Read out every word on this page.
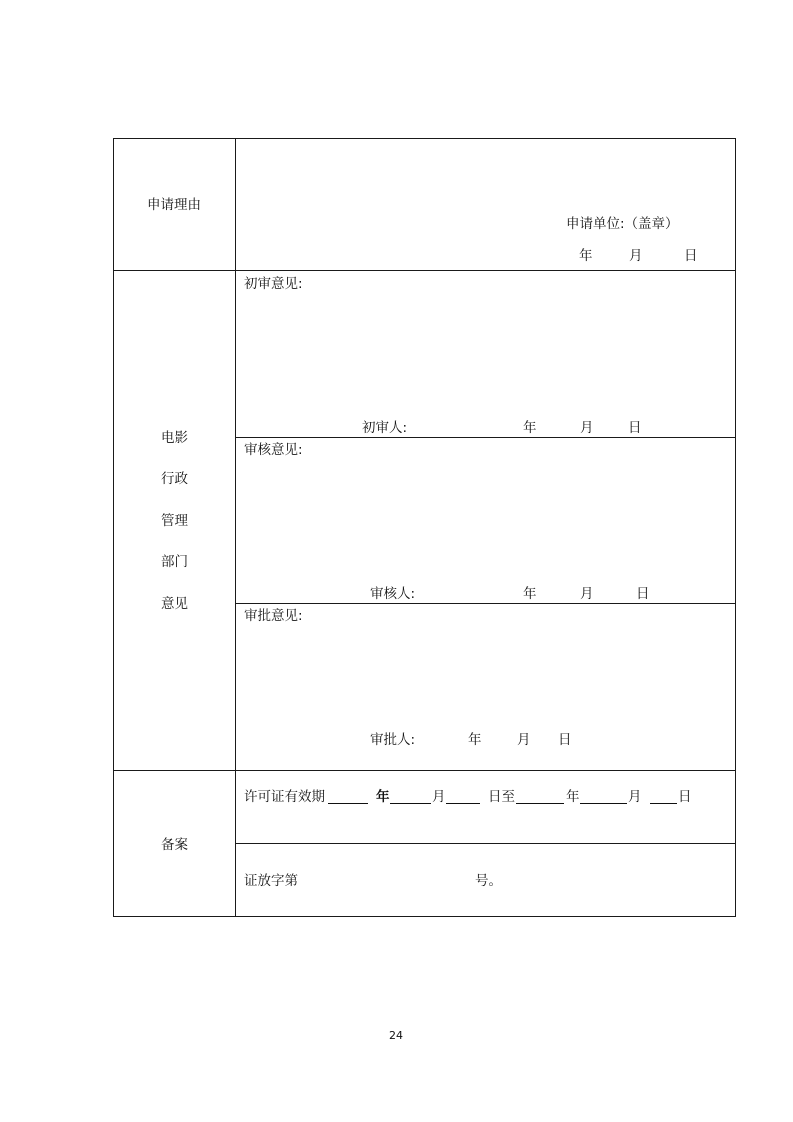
申请理由
申请单位:（盖章）
年	月	日
电影
行政
管理
部门
意见
初审意见:
初审人:	年	月	日
审核意见:
审核人:	年	月	日
审批意见:
审批人:	年	月 日
备案
许可证有效期	年	月	日至	年	月	日
证放字第	号。
24
